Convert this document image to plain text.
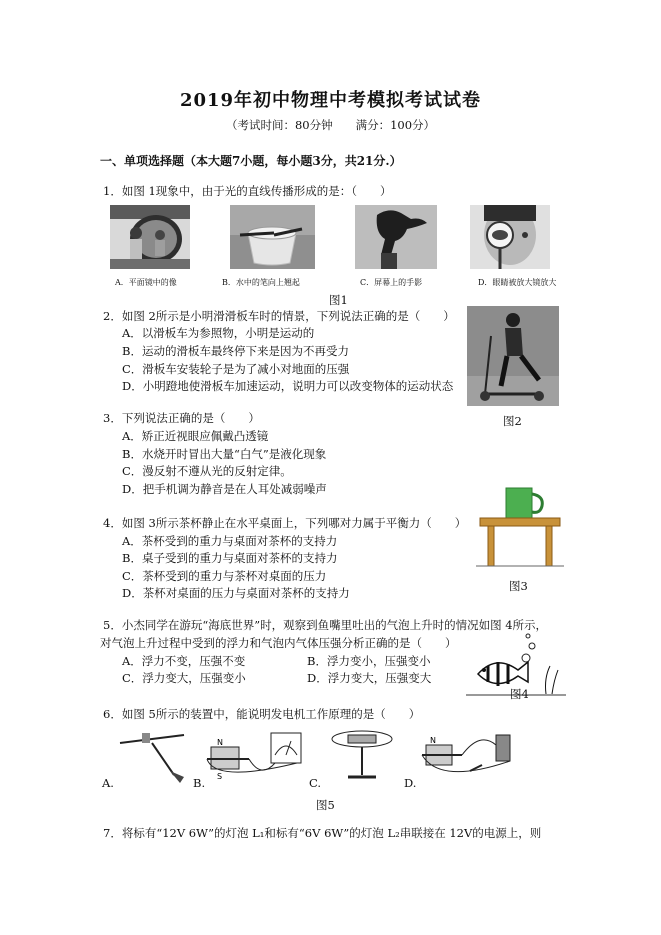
2019年初中物理中考模拟考试试卷
（考试时间：80分钟　　满分：100分）
一、单项选择题（本大题7小题，每小题3分，共21分.）
1．如图 1现象中，由于光的直线传播形成的是：（　　）
A．平面镜中的像	B．水中的笔向上翘起	C．屏幕上的手影	D．眼睛被放大镜放大
图1
2．如图 2所示是小明滑滑板车时的情景，下列说法正确的是（　　）
A．以滑板车为参照物，小明是运动的
B．运动的滑板车最终停下来是因为不再受力
C．滑板车安装轮子是为了减小对地面的压强
D．小明蹬地使滑板车加速运动，说明力可以改变物体的运动状态
图2
3．下列说法正确的是（　　）
A．矫正近视眼应佩戴凸透镜
B．水烧开时冒出大量“白气”是液化现象
C．漫反射不遵从光的反射定律。
D．把手机调为静音是在人耳处减弱噪声
4．如图 3所示茶杯静止在水平桌面上，下列哪对力属于平衡力（　　）
A．茶杯受到的重力与桌面对茶杯的支持力
B．桌子受到的重力与桌面对茶杯的支持力
C．茶杯受到的重力与茶杯对桌面的压力
D．茶杯对桌面的压力与桌面对茶杯的支持力	图3
5．小杰同学在游玩“海底世界”时，观察到鱼嘴里吐出的气泡上升时的情况如图 4所示，
对气泡上升过程中受到的浮力和气泡内气体压强分析正确的是（　　）
A．浮力不变，压强不变	B．浮力变小，压强变小
C．浮力变大，压强变小	D．浮力变大，压强变大
图4
6．如图 5所示的装置中，能说明发电机工作原理的是（　　）
N
S
N
A.	B.	C.	D.
图5
7．将标有“12V 6W”的灯泡 L₁和标有“6V 6W”的灯泡 L₂串联接在 12V的电源上，则
